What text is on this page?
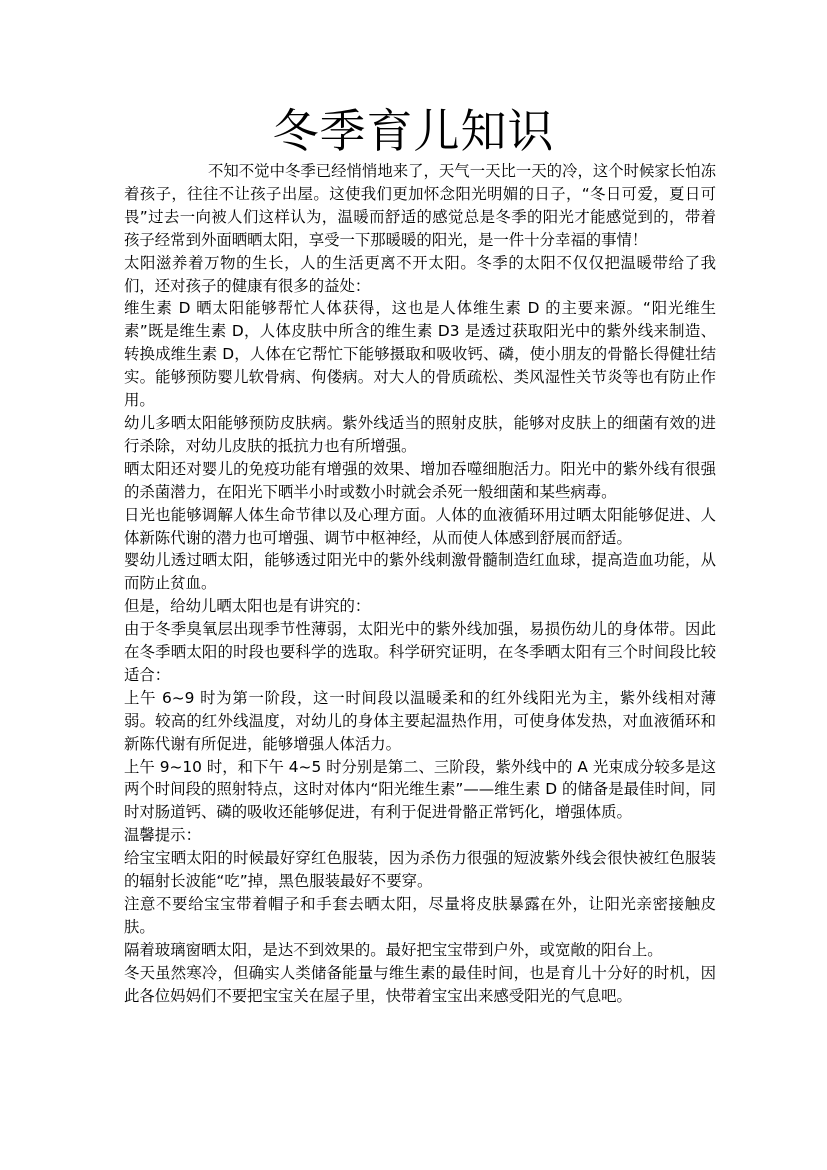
冬季育儿知识

不知不觉中冬季已经悄悄地来了，天气一天比一天的冷，这个时候家长怕冻着孩子，往往不让孩子出屋。这使我们更加怀念阳光明媚的日子，“冬日可爱，夏日可畏”过去一向被人们这样认为，温暖而舒适的感觉总是冬季的阳光才能感觉到的，带着孩子经常到外面晒晒太阳，享受一下那暖暖的阳光，是一件十分幸福的事情！

太阳滋养着万物的生长，人的生活更离不开太阳。冬季的太阳不仅仅把温暖带给了我们，还对孩子的健康有很多的益处：

维生素 D 晒太阳能够帮忙人体获得，这也是人体维生素 D 的主要来源。“阳光维生素”既是维生素 D，人体皮肤中所含的维生素 D3 是透过获取阳光中的紫外线来制造、转换成维生素 D，人体在它帮忙下能够摄取和吸收钙、磷，使小朋友的骨骼长得健壮结实。能够预防婴儿软骨病、佝偻病。对大人的骨质疏松、类风湿性关节炎等也有防止作用。

幼儿多晒太阳能够预防皮肤病。紫外线适当的照射皮肤，能够对皮肤上的细菌有效的进行杀除，对幼儿皮肤的抵抗力也有所增强。

晒太阳还对婴儿的免疫功能有增强的效果、增加吞噬细胞活力。阳光中的紫外线有很强的杀菌潜力，在阳光下晒半小时或数小时就会杀死一般细菌和某些病毒。

日光也能够调解人体生命节律以及心理方面。人体的血液循环用过晒太阳能够促进、人体新陈代谢的潜力也可增强、调节中枢神经，从而使人体感到舒展而舒适。

婴幼儿透过晒太阳，能够透过阳光中的紫外线刺激骨髓制造红血球，提高造血功能，从而防止贫血。

但是，给幼儿晒太阳也是有讲究的：

由于冬季臭氧层出现季节性薄弱，太阳光中的紫外线加强，易损伤幼儿的身体带。因此在冬季晒太阳的时段也要科学的选取。科学研究证明，在冬季晒太阳有三个时间段比较适合：

上午 6~9 时为第一阶段，这一时间段以温暖柔和的红外线阳光为主，紫外线相对薄弱。较高的红外线温度，对幼儿的身体主要起温热作用，可使身体发热，对血液循环和新陈代谢有所促进，能够增强人体活力。

上午 9~10 时，和下午 4~5 时分别是第二、三阶段，紫外线中的 A 光束成分较多是这两个时间段的照射特点，这时对体内“阳光维生素”——维生素 D 的储备是最佳时间，同时对肠道钙、磷的吸收还能够促进，有利于促进骨骼正常钙化，增强体质。

温馨提示：

给宝宝晒太阳的时候最好穿红色服装，因为杀伤力很强的短波紫外线会很快被红色服装的辐射长波能“吃”掉，黑色服装最好不要穿。

注意不要给宝宝带着帽子和手套去晒太阳，尽量将皮肤暴露在外，让阳光亲密接触皮肤。

隔着玻璃窗晒太阳，是达不到效果的。最好把宝宝带到户外，或宽敞的阳台上。

冬天虽然寒冷，但确实人类储备能量与维生素的最佳时间，也是育儿十分好的时机，因此各位妈妈们不要把宝宝关在屋子里，快带着宝宝出来感受阳光的气息吧。
